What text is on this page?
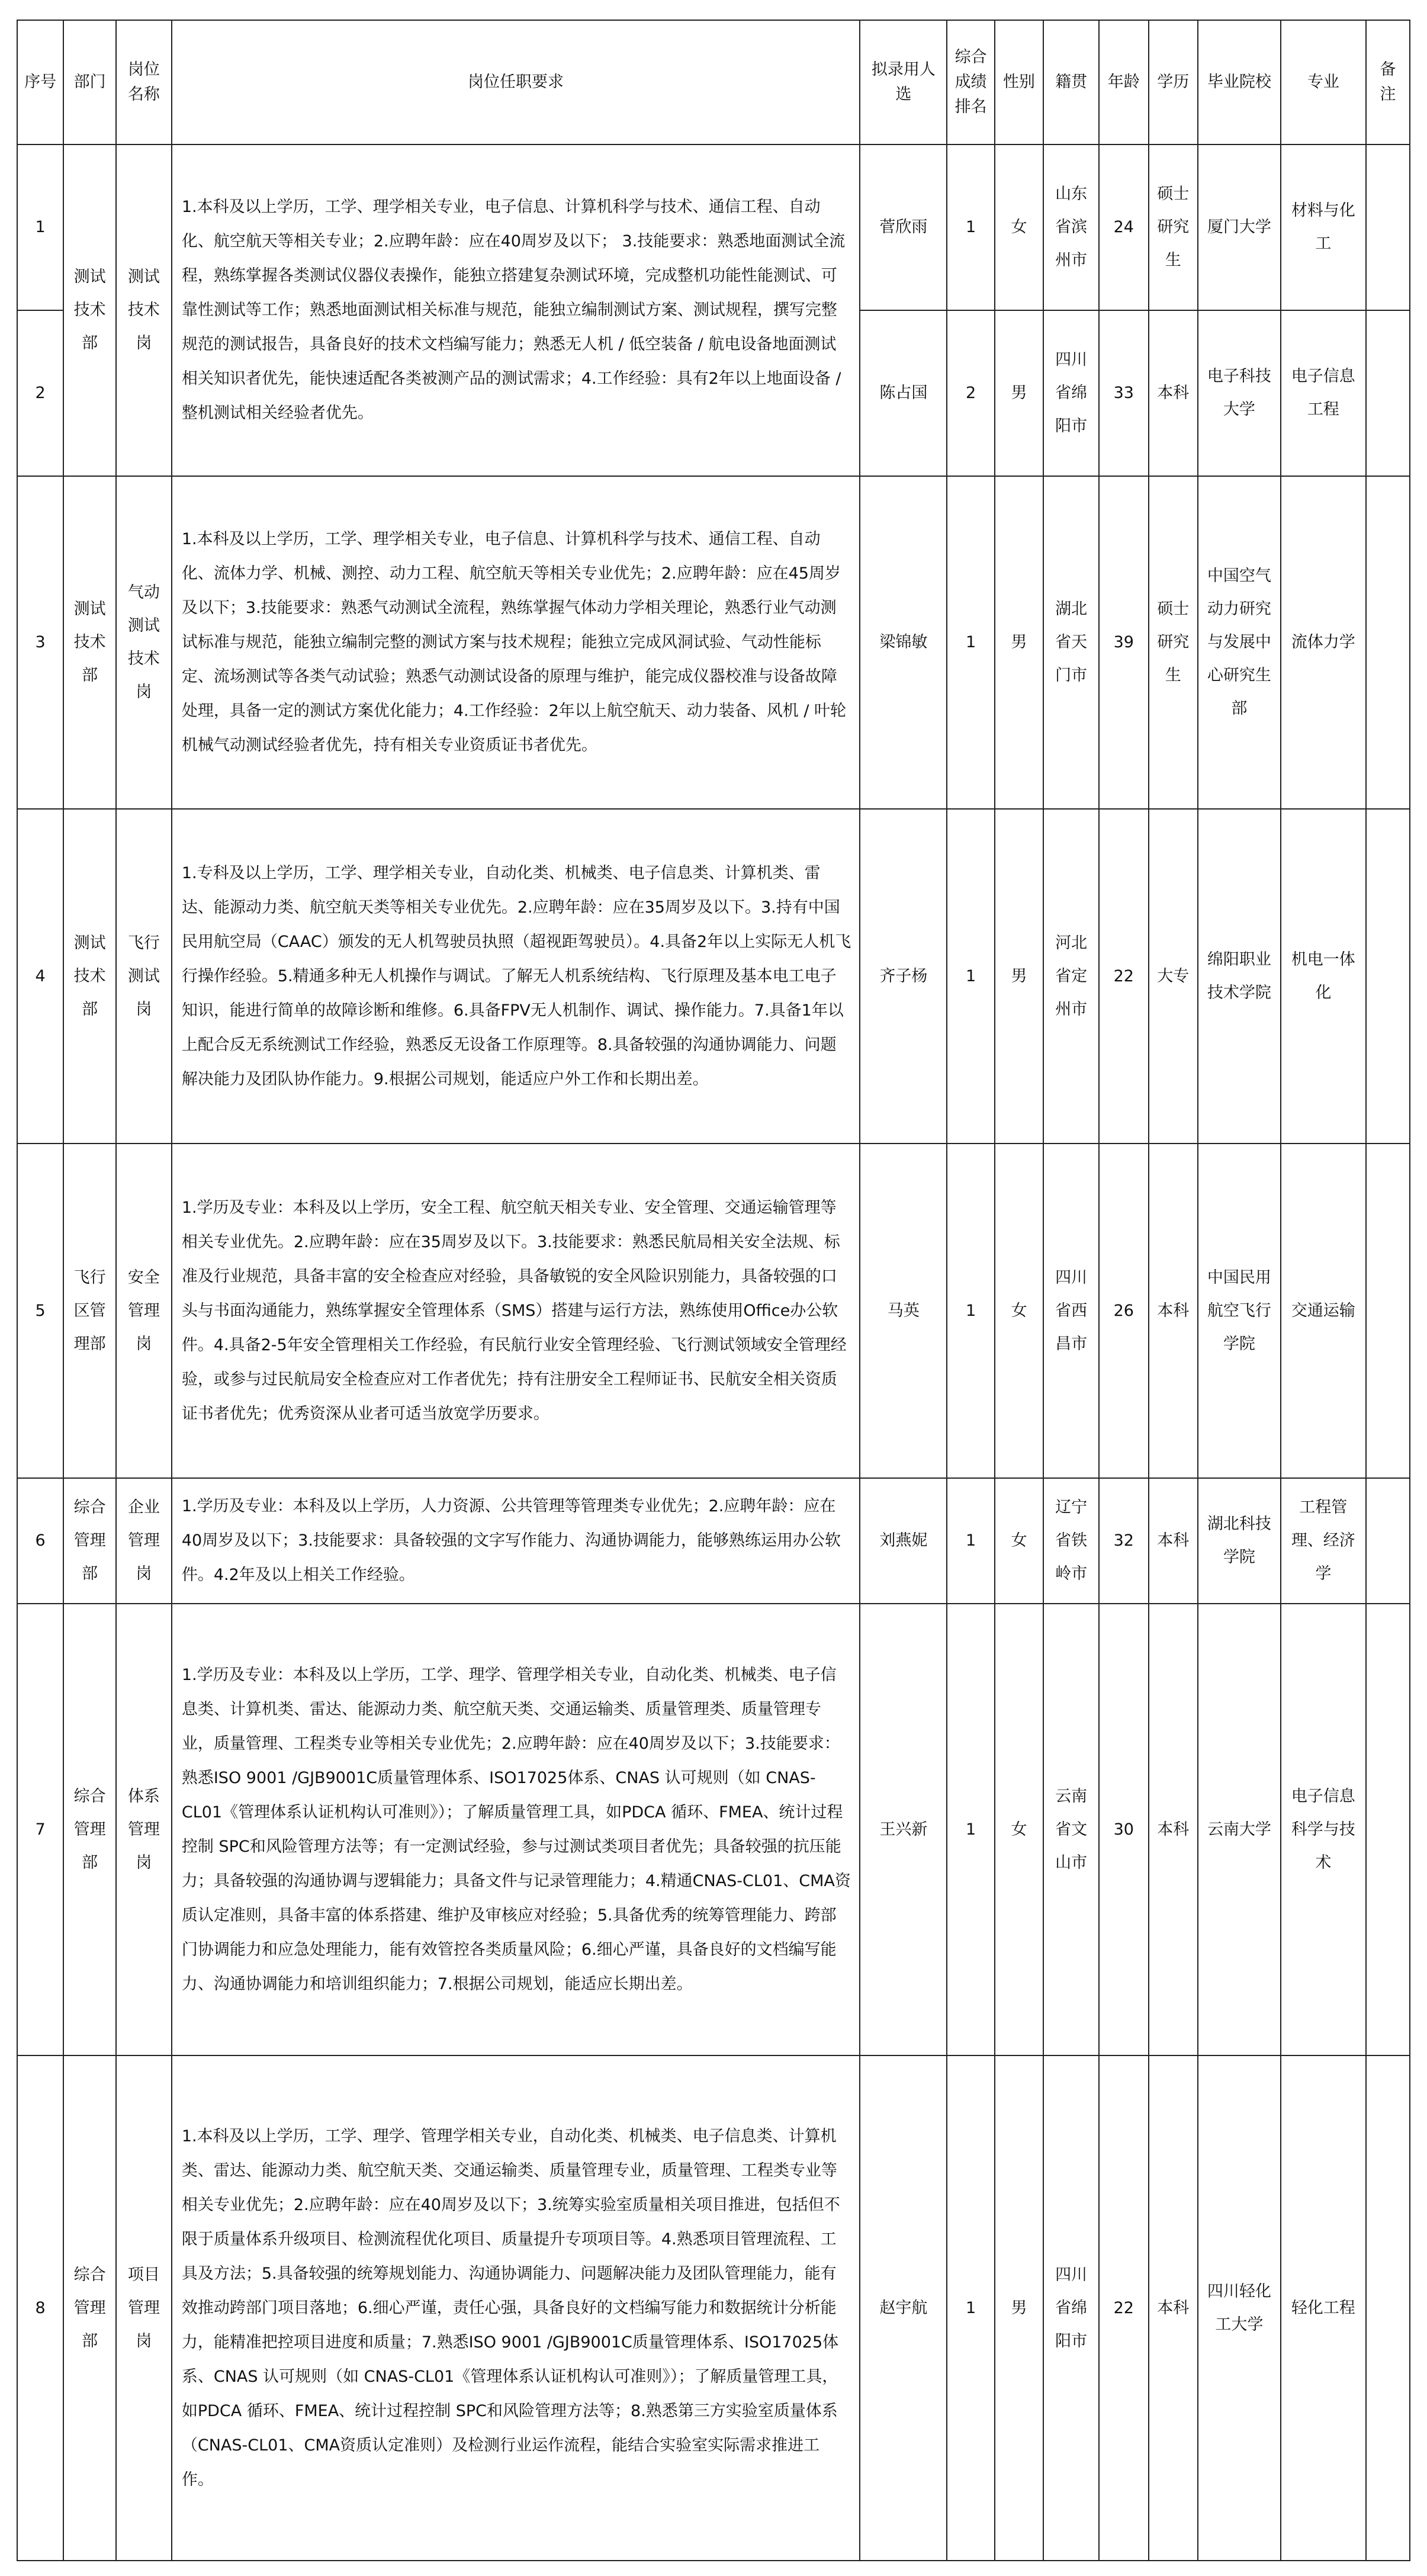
序号	部门	岗位名称	岗位任职要求	拟录用人选	综合成绩排名	性别	籍贯	年龄	学历	毕业院校	专业	备注
1	测试技术部	测试技术岗	1.本科及以上学历，工学、理学相关专业，电子信息、计算机科学与技术、通信工程、自动化、航空航天等相关专业；2.应聘年龄：应在40周岁及以下； 3.技能要求：熟悉地面测试全流程，熟练掌握各类测试仪器仪表操作，能独立搭建复杂测试环境，完成整机功能性能测试、可靠性测试等工作；熟悉地面测试相关标准与规范，能独立编制测试方案、测试规程，撰写完整规范的测试报告，具备良好的技术文档编写能力；熟悉无人机 / 低空装备 / 航电设备地面测试相关知识者优先，能快速适配各类被测产品的测试需求；4.工作经验：具有2年以上地面设备 / 整机测试相关经验者优先。	菅欣雨	1	女	山东省滨州市	24	硕士研究生	厦门大学	材料与化工	
2				陈占国	2	男	四川省绵阳市	33	本科	电子科技大学	电子信息工程	
3	测试技术部	气动测试技术岗	1.本科及以上学历，工学、理学相关专业，电子信息、计算机科学与技术、通信工程、自动化、流体力学、机械、测控、动力工程、航空航天等相关专业优先；2.应聘年龄：应在45周岁及以下；3.技能要求：熟悉气动测试全流程，熟练掌握气体动力学相关理论，熟悉行业气动测试标准与规范，能独立编制完整的测试方案与技术规程；能独立完成风洞试验、气动性能标定、流场测试等各类气动试验；熟悉气动测试设备的原理与维护，能完成仪器校准与设备故障处理，具备一定的测试方案优化能力；4.工作经验：2年以上航空航天、动力装备、风机 / 叶轮机械气动测试经验者优先，持有相关专业资质证书者优先。	梁锦敏	1	男	湖北省天门市	39	硕士研究生	中国空气动力研究与发展中心研究生部	流体力学	
4	测试技术部	飞行测试岗	1.专科及以上学历，工学、理学相关专业，自动化类、机械类、电子信息类、计算机类、雷达、能源动力类、航空航天类等相关专业优先。2.应聘年龄：应在35周岁及以下。3.持有中国民用航空局（CAAC）颁发的无人机驾驶员执照（超视距驾驶员）。4.具备2年以上实际无人机飞行操作经验。5.精通多种无人机操作与调试。了解无人机系统结构、飞行原理及基本电工电子知识，能进行简单的故障诊断和维修。6.具备FPV无人机制作、调试、操作能力。7.具备1年以上配合反无系统测试工作经验，熟悉反无设备工作原理等。8.具备较强的沟通协调能力、问题解决能力及团队协作能力。9.根据公司规划，能适应户外工作和长期出差。	齐子杨	1	男	河北省定州市	22	大专	绵阳职业技术学院	机电一体化	
5	飞行区管理部	安全管理岗	1.学历及专业：本科及以上学历，安全工程、航空航天相关专业、安全管理、交通运输管理等相关专业优先。2.应聘年龄：应在35周岁及以下。3.技能要求：熟悉民航局相关安全法规、标准及行业规范，具备丰富的安全检查应对经验，具备敏锐的安全风险识别能力，具备较强的口头与书面沟通能力，熟练掌握安全管理体系（SMS）搭建与运行方法，熟练使用Office办公软件。4.具备2-5年安全管理相关工作经验，有民航行业安全管理经验、飞行测试领域安全管理经验，或参与过民航局安全检查应对工作者优先；持有注册安全工程师证书、民航安全相关资质证书者优先；优秀资深从业者可适当放宽学历要求。	马英	1	女	四川省西昌市	26	本科	中国民用航空飞行学院	交通运输	
6	综合管理部	企业管理岗	1.学历及专业：本科及以上学历，人力资源、公共管理等管理类专业优先；2.应聘年龄：应在40周岁及以下；3.技能要求：具备较强的文字写作能力、沟通协调能力，能够熟练运用办公软件。4.2年及以上相关工作经验。	刘燕妮	1	女	辽宁省铁岭市	32	本科	湖北科技学院	工程管理、经济学	
7	综合管理部	体系管理岗	1.学历及专业：本科及以上学历，工学、理学、管理学相关专业，自动化类、机械类、电子信息类、计算机类、雷达、能源动力类、航空航天类、交通运输类、质量管理类、质量管理专业，质量管理、工程类专业等相关专业优先；2.应聘年龄：应在40周岁及以下；3.技能要求：熟悉ISO 9001 /GJB9001C质量管理体系、ISO17025体系、CNAS 认可规则（如 CNAS-CL01《管理体系认证机构认可准则》）；了解质量管理工具，如PDCA 循环、FMEA、统计过程控制 SPC和风险管理方法等；有一定测试经验，参与过测试类项目者优先；具备较强的抗压能力；具备较强的沟通协调与逻辑能力；具备文件与记录管理能力；4.精通CNAS-CL01、CMA资质认定准则，具备丰富的体系搭建、维护及审核应对经验；5.具备优秀的统筹管理能力、跨部门协调能力和应急处理能力，能有效管控各类质量风险；6.细心严谨，具备良好的文档编写能力、沟通协调能力和培训组织能力；7.根据公司规划，能适应长期出差。	王兴新	1	女	云南省文山市	30	本科	云南大学	电子信息科学与技术	
8	综合管理部	项目管理岗	1.本科及以上学历，工学、理学、管理学相关专业，自动化类、机械类、电子信息类、计算机类、雷达、能源动力类、航空航天类、交通运输类、质量管理专业，质量管理、工程类专业等相关专业优先；2.应聘年龄：应在40周岁及以下；3.统筹实验室质量相关项目推进，包括但不限于质量体系升级项目、检测流程优化项目、质量提升专项项目等。4.熟悉项目管理流程、工具及方法；5.具备较强的统筹规划能力、沟通协调能力、问题解决能力及团队管理能力，能有效推动跨部门项目落地；6.细心严谨，责任心强，具备良好的文档编写能力和数据统计分析能力，能精准把控项目进度和质量；7.熟悉ISO 9001 /GJB9001C质量管理体系、ISO17025体系、CNAS 认可规则（如 CNAS-CL01《管理体系认证机构认可准则》）；了解质量管理工具，如PDCA 循环、FMEA、统计过程控制 SPC和风险管理方法等；8.熟悉第三方实验室质量体系（CNAS-CL01、CMA资质认定准则）及检测行业运作流程，能结合实验室实际需求推进工作。	赵宇航	1	男	四川省绵阳市	22	本科	四川轻化工大学	轻化工程	
